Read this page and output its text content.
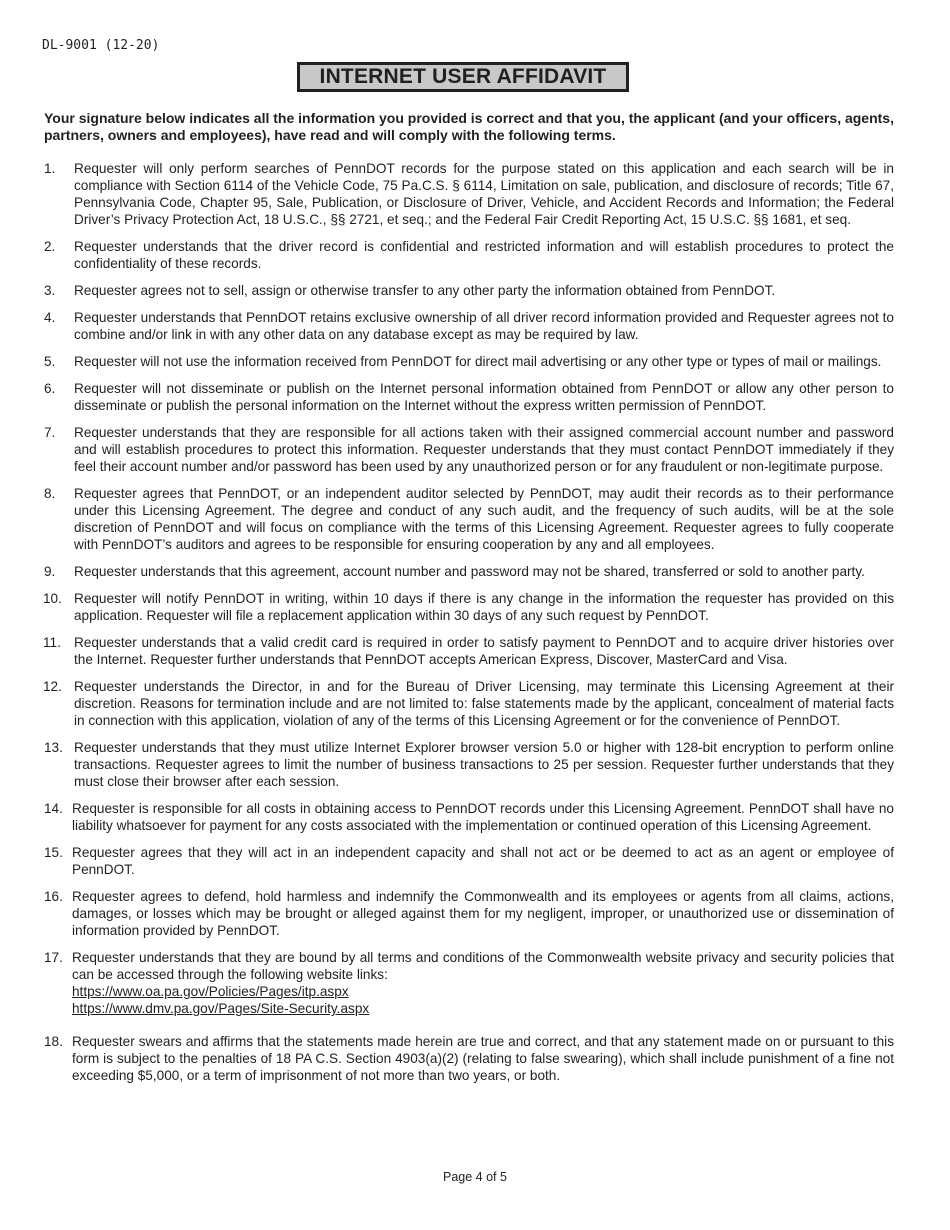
DL-9001 (12-20)
INTERNET USER AFFIDAVIT
Your signature below indicates all the information you provided is correct and that you, the applicant (and your officers, agents, partners, owners and employees), have read and will comply with the following terms.
1. Requester will only perform searches of PennDOT records for the purpose stated on this application and each search will be in compliance with Section 6114 of the Vehicle Code, 75 Pa.C.S. § 6114, Limitation on sale, publication, and disclosure of records; Title 67, Pennsylvania Code, Chapter 95, Sale, Publication, or Disclosure of Driver, Vehicle, and Accident Records and Information; the Federal Driver’s Privacy Protection Act, 18 U.S.C., §§ 2721, et seq.; and the Federal Fair Credit Reporting Act, 15 U.S.C. §§ 1681, et seq.
2. Requester understands that the driver record is confidential and restricted information and will establish procedures to protect the confidentiality of these records.
3. Requester agrees not to sell, assign or otherwise transfer to any other party the information obtained from PennDOT.
4. Requester understands that PennDOT retains exclusive ownership of all driver record information provided and Requester agrees not to combine and/or link in with any other data on any database except as may be required by law.
5. Requester will not use the information received from PennDOT for direct mail advertising or any other type or types of mail or mailings.
6. Requester will not disseminate or publish on the Internet personal information obtained from PennDOT or allow any other person to disseminate or publish the personal information on the Internet without the express written permission of PennDOT.
7. Requester understands that they are responsible for all actions taken with their assigned commercial account number and password and will establish procedures to protect this information. Requester understands that they must contact PennDOT immediately if they feel their account number and/or password has been used by any unauthorized person or for any fraudulent or non-legitimate purpose.
8. Requester agrees that PennDOT, or an independent auditor selected by PennDOT, may audit their records as to their performance under this Licensing Agreement. The degree and conduct of any such audit, and the frequency of such audits, will be at the sole discretion of PennDOT and will focus on compliance with the terms of this Licensing Agreement. Requester agrees to fully cooperate with PennDOT’s auditors and agrees to be responsible for ensuring cooperation by any and all employees.
9. Requester understands that this agreement, account number and password may not be shared, transferred or sold to another party.
10. Requester will notify PennDOT in writing, within 10 days if there is any change in the information the requester has provided on this application. Requester will file a replacement application within 30 days of any such request by PennDOT.
11. Requester understands that a valid credit card is required in order to satisfy payment to PennDOT and to acquire driver histories over the Internet. Requester further understands that PennDOT accepts American Express, Discover, MasterCard and Visa.
12. Requester understands the Director, in and for the Bureau of Driver Licensing, may terminate this Licensing Agreement at their discretion. Reasons for termination include and are not limited to: false statements made by the applicant, concealment of material facts in connection with this application, violation of any of the terms of this Licensing Agreement or for the convenience of PennDOT.
13. Requester understands that they must utilize Internet Explorer browser version 5.0 or higher with 128-bit encryption to perform online transactions. Requester agrees to limit the number of business transactions to 25 per session. Requester further understands that they must close their browser after each session.
14. Requester is responsible for all costs in obtaining access to PennDOT records under this Licensing Agreement. PennDOT shall have no liability whatsoever for payment for any costs associated with the implementation or continued operation of this Licensing Agreement.
15. Requester agrees that they will act in an independent capacity and shall not act or be deemed to act as an agent or employee of PennDOT.
16. Requester agrees to defend, hold harmless and indemnify the Commonwealth and its employees or agents from all claims, actions, damages, or losses which may be brought or alleged against them for my negligent, improper, or unauthorized use or dissemination of information provided by PennDOT.
17. Requester understands that they are bound by all terms and conditions of the Commonwealth website privacy and security policies that can be accessed through the following website links:
https://www.oa.pa.gov/Policies/Pages/itp.aspx
https://www.dmv.pa.gov/Pages/Site-Security.aspx
18. Requester swears and affirms that the statements made herein are true and correct, and that any statement made on or pursuant to this form is subject to the penalties of 18 PA C.S. Section 4903(a)(2) (relating to false swearing), which shall include punishment of a fine not exceeding $5,000, or a term of imprisonment of not more than two years, or both.
Page 4 of 5
